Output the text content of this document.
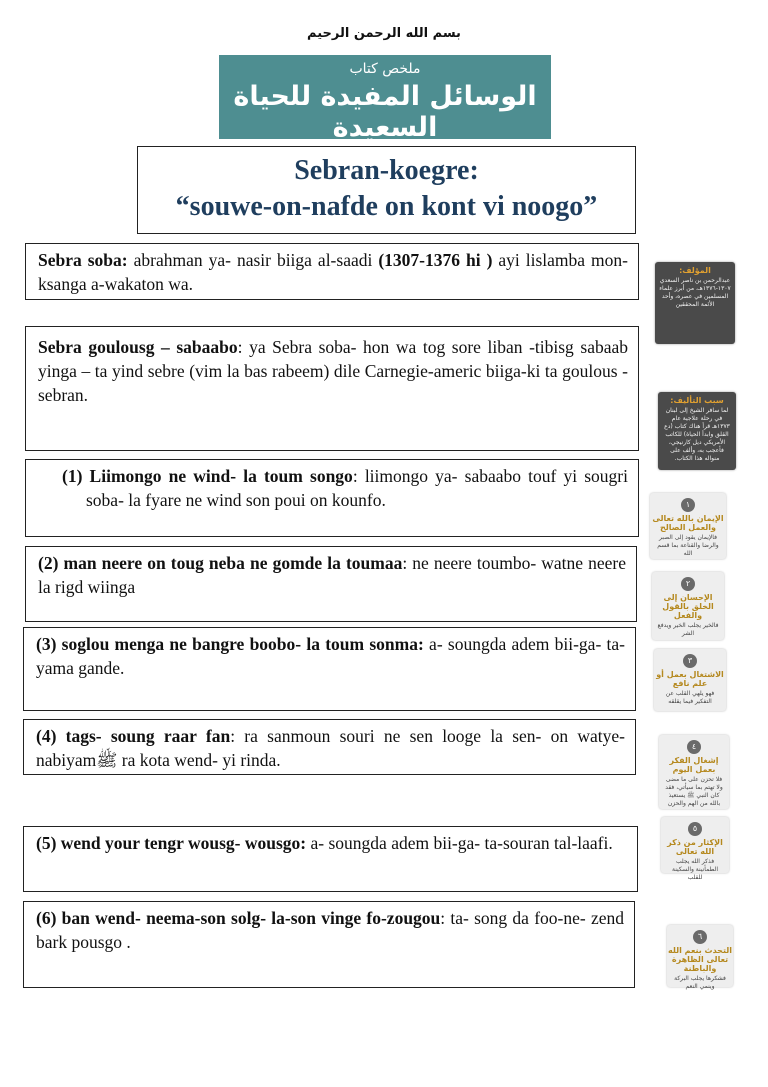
بسم الله الرحمن الرحيم
ملخص كتاب
الوسائل المفيدة للحياة السعيدة
Sebran-koegre:
“souwe-on-nafde on kont vi noogo”
Sebra soba: abrahman ya- nasir biiga al-saadi (1307-1376 hi ) ayi lislamba mon- ksanga a-wakaton wa.
Sebra goulousg – sabaabo: ya Sebra soba- hon wa tog sore liban -tibisg sabaab yinga – ta yind sebre (vim la bas rabeem) dile Carnegie-americ biiga-ki ta goulous -sebran.
(1) Liimongo ne wind- la toum songo: liimongo ya- sabaabo touf yi sougri soba- la fyare ne wind son poui on kounfo.
(2) man neere on toug neba ne gomde la toumaa: ne neere toumbo- watne neere la rigd wiinga
(3) soglou menga ne bangre boobo- la toum sonma: a- soungda adem bii-ga- ta- yama gande.
(4) tags- soung raar fan: ra sanmoun souri ne sen looge la sen- on watye-nabiyamﷺ ra kota wend- yi rinda.
(5) wend your tengr wousg- wousgo: a- soungda adem bii-ga- ta-souran tal-laafi.
(6) ban wend- neema-son solg- la-son vinge fo-zougou: ta- song da foo-ne- zend bark pousgo .
المؤلف:
عبدالرحمن بن ناصر السعدي ١٣٠٧-١٣٧٦هـ، من أبرز علماء المسلمين في عصره، وأحد الأئمة المحققين
سبب التأليف:
لما سافر الشيخ إلى لبنان في رحلة علاجية عام ١٣٧٣هـ قرأ هناك كتاب (دع القلق وابدأ الحياة) للكاتب الأمريكي ديل كارنيجي، فأعجب به، وألف على منواله هذا الكتاب.
١
الإيمان بالله تعالى والعمل الصالح
فالإيمان يقود إلى الصبر والرضا والقناعة بما قسم الله
٢
الإحسان إلى الخلق بالقول والفعل
فالخير يجلب الخير ويدفع الشر
٣
الاشتغال بعمل أو علم نافع
فهو يلهي القلب عن التفكير فيما يقلقه
٤
إشغال الفكر بعمل اليوم
فلا تحزن على ما مضى ولا تهتم بما سيأتي، فقد كان النبي ﷺ يستعيذ بالله من الهم والحزن
٥
الإكثار من ذكر الله تعالى
فذكر الله يجلب الطمأنينة والسكينة للقلب
٦
التحدث بنعم الله تعالى الظاهرة والباطنة
فشكرها يجلب البركة وينمي النعم
